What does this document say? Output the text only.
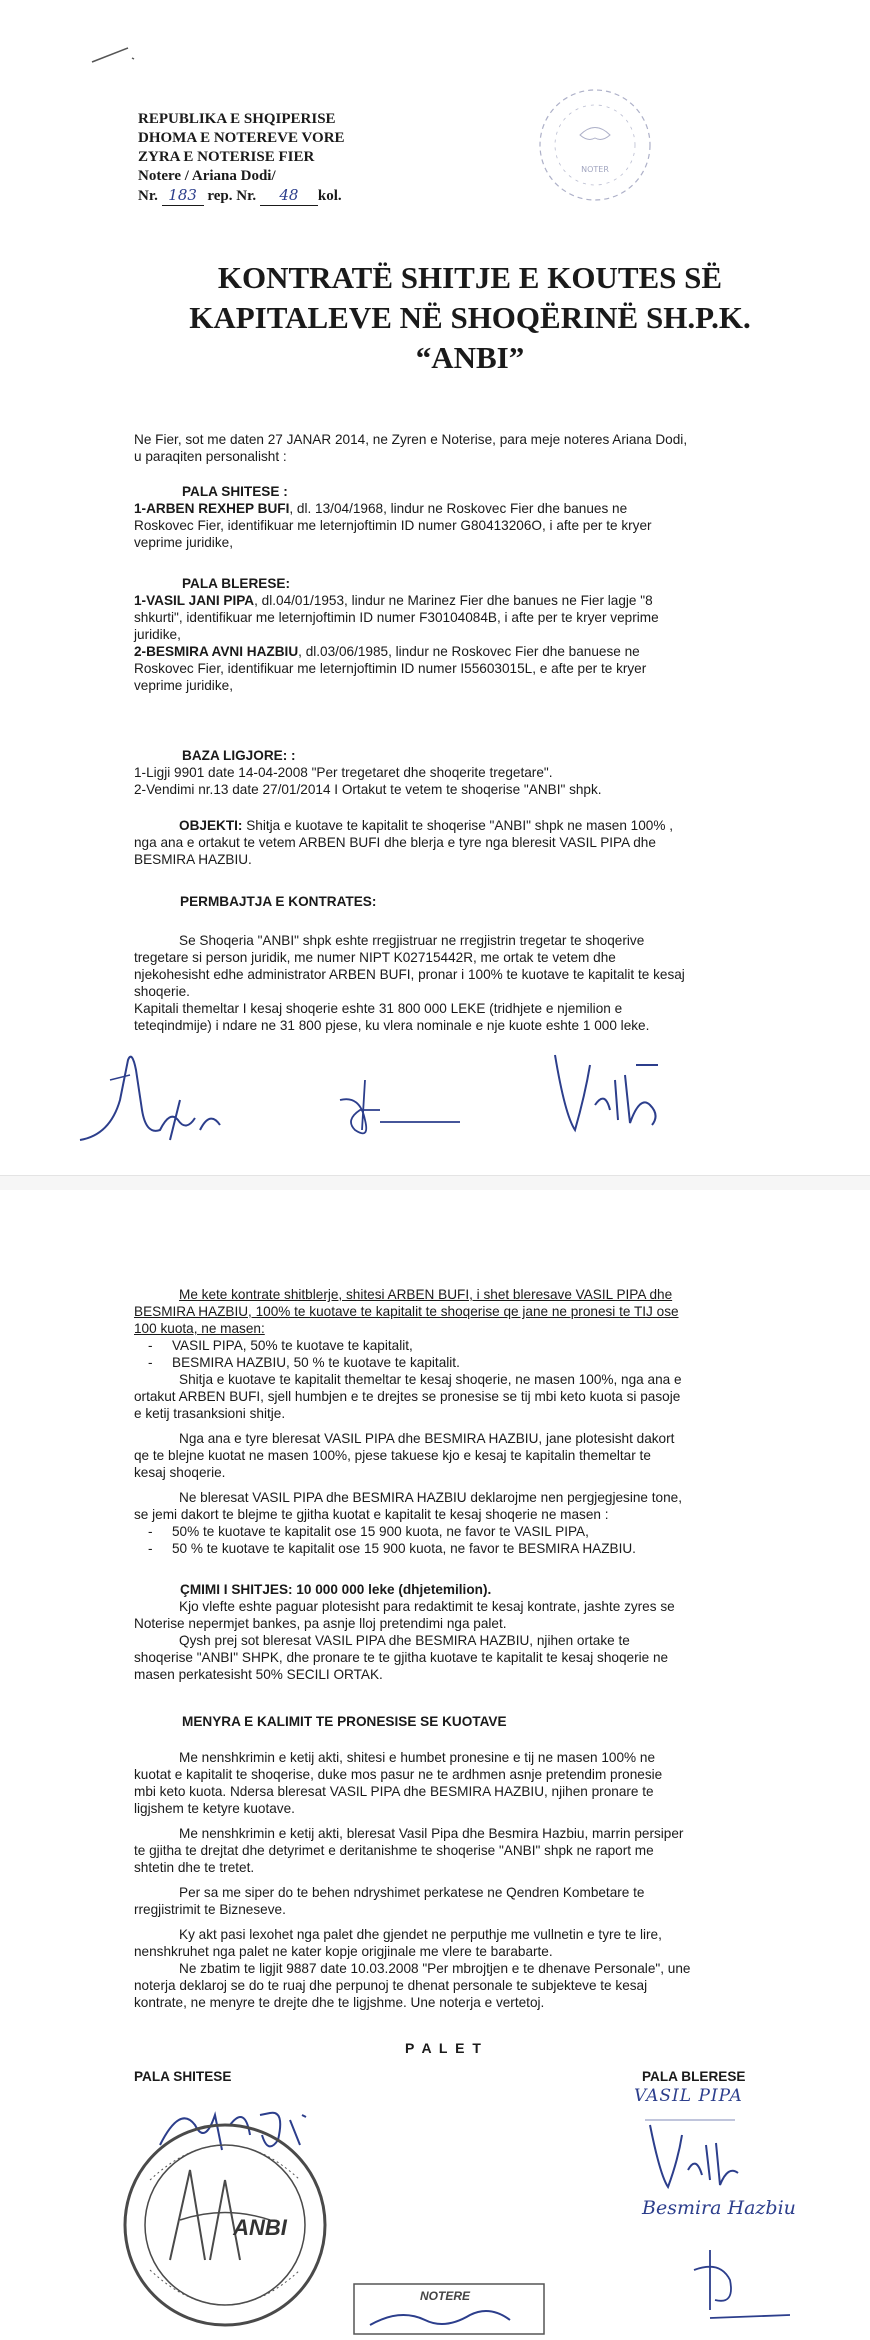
REPUBLIKA E SHQIPERISE
DHOMA E NOTEREVE VORE
ZYRA E NOTERISE FIER
Notere / Ariana Dodi/
Nr. 183 rep. Nr. 48 kol.
NOTER
KONTRATË SHITJE E KOUTES SË
KAPITALEVE NË SHOQËRINË SH.P.K.
“ANBI”
Ne Fier, sot me daten 27 JANAR 2014, ne Zyren e Noterise, para meje noteres Ariana Dodi,
u paraqiten personalisht :
PALA SHITESE :
1-ARBEN REXHEP BUFI, dl. 13/04/1968, lindur ne Roskovec Fier dhe banues ne
Roskovec Fier, identifikuar me leternjoftimin ID numer G80413206O, i afte per te kryer
veprime juridike,
PALA BLERESE:
1-VASIL JANI PIPA, dl.04/01/1953, lindur ne Marinez Fier dhe banues ne Fier lagje "8
shkurti", identifikuar me leternjoftimin ID numer F30104084B, i afte per te kryer veprime
juridike,
2-BESMIRA AVNI HAZBIU, dl.03/06/1985, lindur ne Roskovec Fier dhe banuese ne
Roskovec Fier, identifikuar me leternjoftimin ID numer I55603015L, e afte per te kryer
veprime juridike,
BAZA LIGJORE: :
1-Ligji 9901 date 14-04-2008 "Per tregetaret dhe shoqerite tregetare".
2-Vendimi nr.13 date 27/01/2014 I Ortakut te vetem te shoqerise "ANBI" shpk.
OBJEKTI: Shitja e kuotave te kapitalit te shoqerise "ANBI" shpk ne masen 100% ,
nga ana e ortakut te vetem ARBEN BUFI dhe blerja e tyre nga bleresit VASIL PIPA dhe
BESMIRA HAZBIU.
PERMBAJTJA E KONTRATES:
Se Shoqeria "ANBI" shpk eshte rregjistruar ne rregjistrin tregetar te shoqerive
tregetare si person juridik, me numer NIPT K02715442R, me ortak te vetem dhe
njekohesisht edhe administrator ARBEN BUFI, pronar i 100% te kuotave te kapitalit te kesaj
shoqerie.
Kapitali themeltar I kesaj shoqerie eshte 31 800 000 LEKE (tridhjete e njemilion e
teteqindmije) i ndare ne 31 800 pjese, ku vlera nominale e nje kuote eshte 1 000 leke.
Me kete kontrate shitblerje, shitesi ARBEN BUFI, i shet bleresave VASIL PIPA dhe
BESMIRA HAZBIU, 100% te kuotave te kapitalit te shoqerise qe jane ne pronesi te TIJ ose
100 kuota, ne masen:
- VASIL PIPA, 50% te kuotave te kapitalit,
- BESMIRA HAZBIU, 50 % te kuotave te kapitalit.
Shitja e kuotave te kapitalit themeltar te kesaj shoqerie, ne masen 100%, nga ana e
ortakut ARBEN BUFI, sjell humbjen e te drejtes se pronesise se tij mbi keto kuota si pasoje
e ketij trasanksioni shitje.
Nga ana e tyre bleresat VASIL PIPA dhe BESMIRA HAZBIU, jane plotesisht dakort
qe te blejne kuotat ne masen 100%, pjese takuese kjo e kesaj te kapitalin themeltar te
kesaj shoqerie.
Ne bleresat VASIL PIPA dhe BESMIRA HAZBIU deklarojme nen pergjegjesine tone,
se jemi dakort te blejme te gjitha kuotat e kapitalit te kesaj shoqerie ne masen :
- 50% te kuotave te kapitalit ose 15 900 kuota, ne favor te VASIL PIPA,
- 50 % te kuotave te kapitalit ose 15 900 kuota, ne favor te BESMIRA HAZBIU.
ÇMIMI I SHITJES: 10 000 000 leke (dhjetemilion).
Kjo vlefte eshte paguar plotesisht para redaktimit te kesaj kontrate, jashte zyres se
Noterise nepermjet bankes, pa asnje lloj pretendimi nga palet.
Qysh prej sot bleresat VASIL PIPA dhe BESMIRA HAZBIU, njihen ortake te
shoqerise "ANBI" SHPK, dhe pronare te te gjitha kuotave te kapitalit te kesaj shoqerie ne
masen perkatesisht 50% SECILI ORTAK.
MENYRA E KALIMIT TE PRONESISE SE KUOTAVE
Me nenshkrimin e ketij akti, shitesi e humbet pronesine e tij ne masen 100% ne
kuotat e kapitalit te shoqerise, duke mos pasur ne te ardhmen asnje pretendim pronesie
mbi keto kuota. Ndersa bleresat VASIL PIPA dhe BESMIRA HAZBIU, njihen pronare te
ligjshem te ketyre kuotave.
Me nenshkrimin e ketij akti, bleresat Vasil Pipa dhe Besmira Hazbiu, marrin persiper
te gjitha te drejtat dhe detyrimet e deritanishme te shoqerise "ANBI" shpk ne raport me
shtetin dhe te tretet.
Per sa me siper do te behen ndryshimet perkatese ne Qendren Kombetare te
rregjistrimit te Bizneseve.
Ky akt pasi lexohet nga palet dhe gjendet ne perputhje me vullnetin e tyre te lire,
nenshkruhet nga palet ne kater kopje origjinale me vlere te barabarte.
Ne zbatim te ligjit 9887 date 10.03.2008 "Per mbrojtjen e te dhenave Personale", une
noterja deklaroj se do te ruaj dhe perpunoj te dhenat personale te subjekteve te kesaj
kontrate, ne menyre te drejte dhe te ligjshme. Une noterja e vertetoj.
P A L E T
PALA SHITESE	PALA BLERESE
VASIL PIPA
Besmira Hazbiu
ANBI
NOTERE
